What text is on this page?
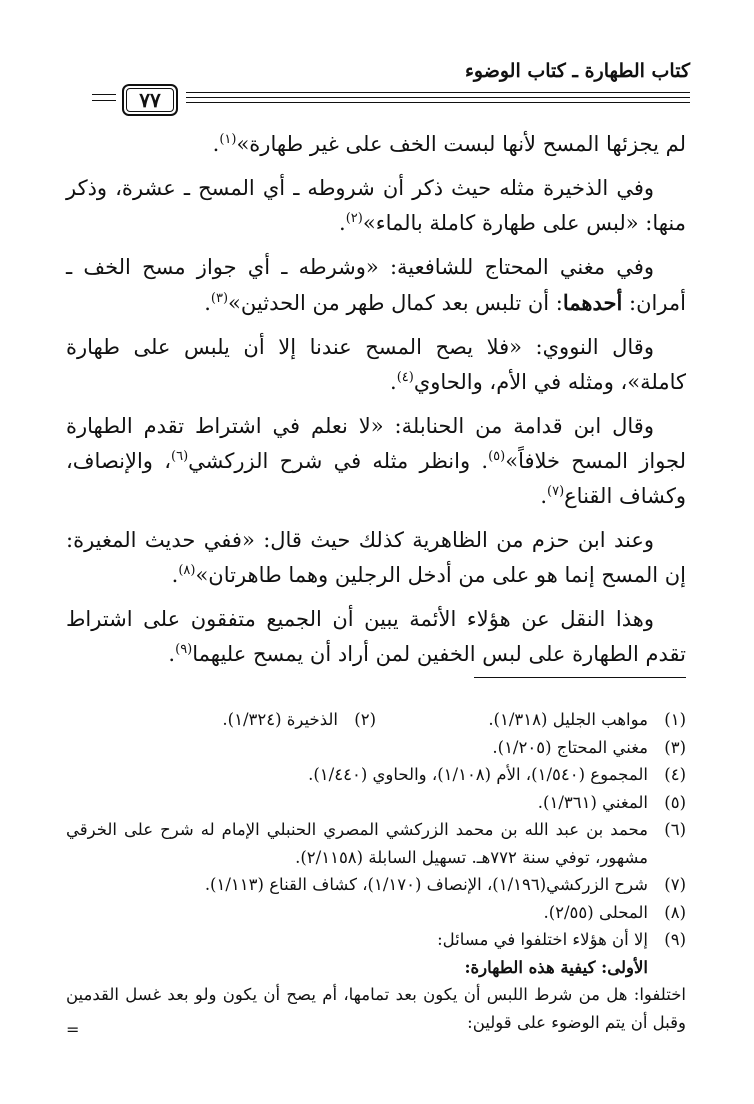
كتاب الطهارة ـ كتاب الوضوء
٧٧

لم يجزئها المسح لأنها لبست الخف على غير طهارة»$^{(١)}$.

وفي الذخيرة مثله حيث ذكر أن شروطه ـ أي المسح ـ عشرة، وذكر منها: «لبس على طهارة كاملة بالماء»$^{(٢)}$.

وفي مغني المحتاج للشافعية: «وشرطه ـ أي جواز مسح الخف ـ أمران: أحدهما: أن تلبس بعد كمال طهر من الحدثين»$^{(٣)}$.

وقال النووي: «فلا يصح المسح عندنا إلا أن يلبس على طهارة كاملة»، ومثله في الأم، والحاوي$^{(٤)}$.

وقال ابن قدامة من الحنابلة: «لا نعلم في اشتراط تقدم الطهارة لجواز المسح خلافاً»$^{(٥)}$. وانظر مثله في شرح الزركشي$^{(٦)}$، والإنصاف، وكشاف القناع$^{(٧)}$.

وعند ابن حزم من الظاهرية كذلك حيث قال: «ففي حديث المغيرة: إن المسح إنما هو على من أدخل الرجلين وهما طاهرتان»$^{(٨)}$.

وهذا النقل عن هؤلاء الأئمة يبين أن الجميع متفقون على اشتراط تقدم الطهارة على لبس الخفين لمن أراد أن يمسح عليهما$^{(٩)}$.

(١)
مواهب الجليل (١/٣١٨).
(٢)
الذخيرة (١/٣٢٤).
(٣)
مغني المحتاج (١/٢٠٥).
(٤)
المجموع (١/٥٤٠)، الأم (١/١٠٨)، والحاوي (١/٤٤٠).
(٥)
المغني (١/٣٦١).
(٦)
محمد بن عبد الله بن محمد الزركشي المصري الحنبلي الإمام له شرح على الخرقي مشهور، توفي سنة ٧٧٢هـ. تسهيل السابلة (٢/١١٥٨).
(٧)
شرح الزركشي(١/١٩٦)، الإنصاف (١/١٧٠)، كشاف القناع (١/١١٣).
(٨)
المحلى (٢/٥٥).
(٩)
إلا أن هؤلاء اختلفوا في مسائل:
الأولى: كيفية هذه الطهارة:
اختلفوا: هل من شرط اللبس أن يكون بعد تمامها، أم يصح أن يكون ولو بعد غسل القدمين وقبل أن يتم الوضوء على قولين:
=
